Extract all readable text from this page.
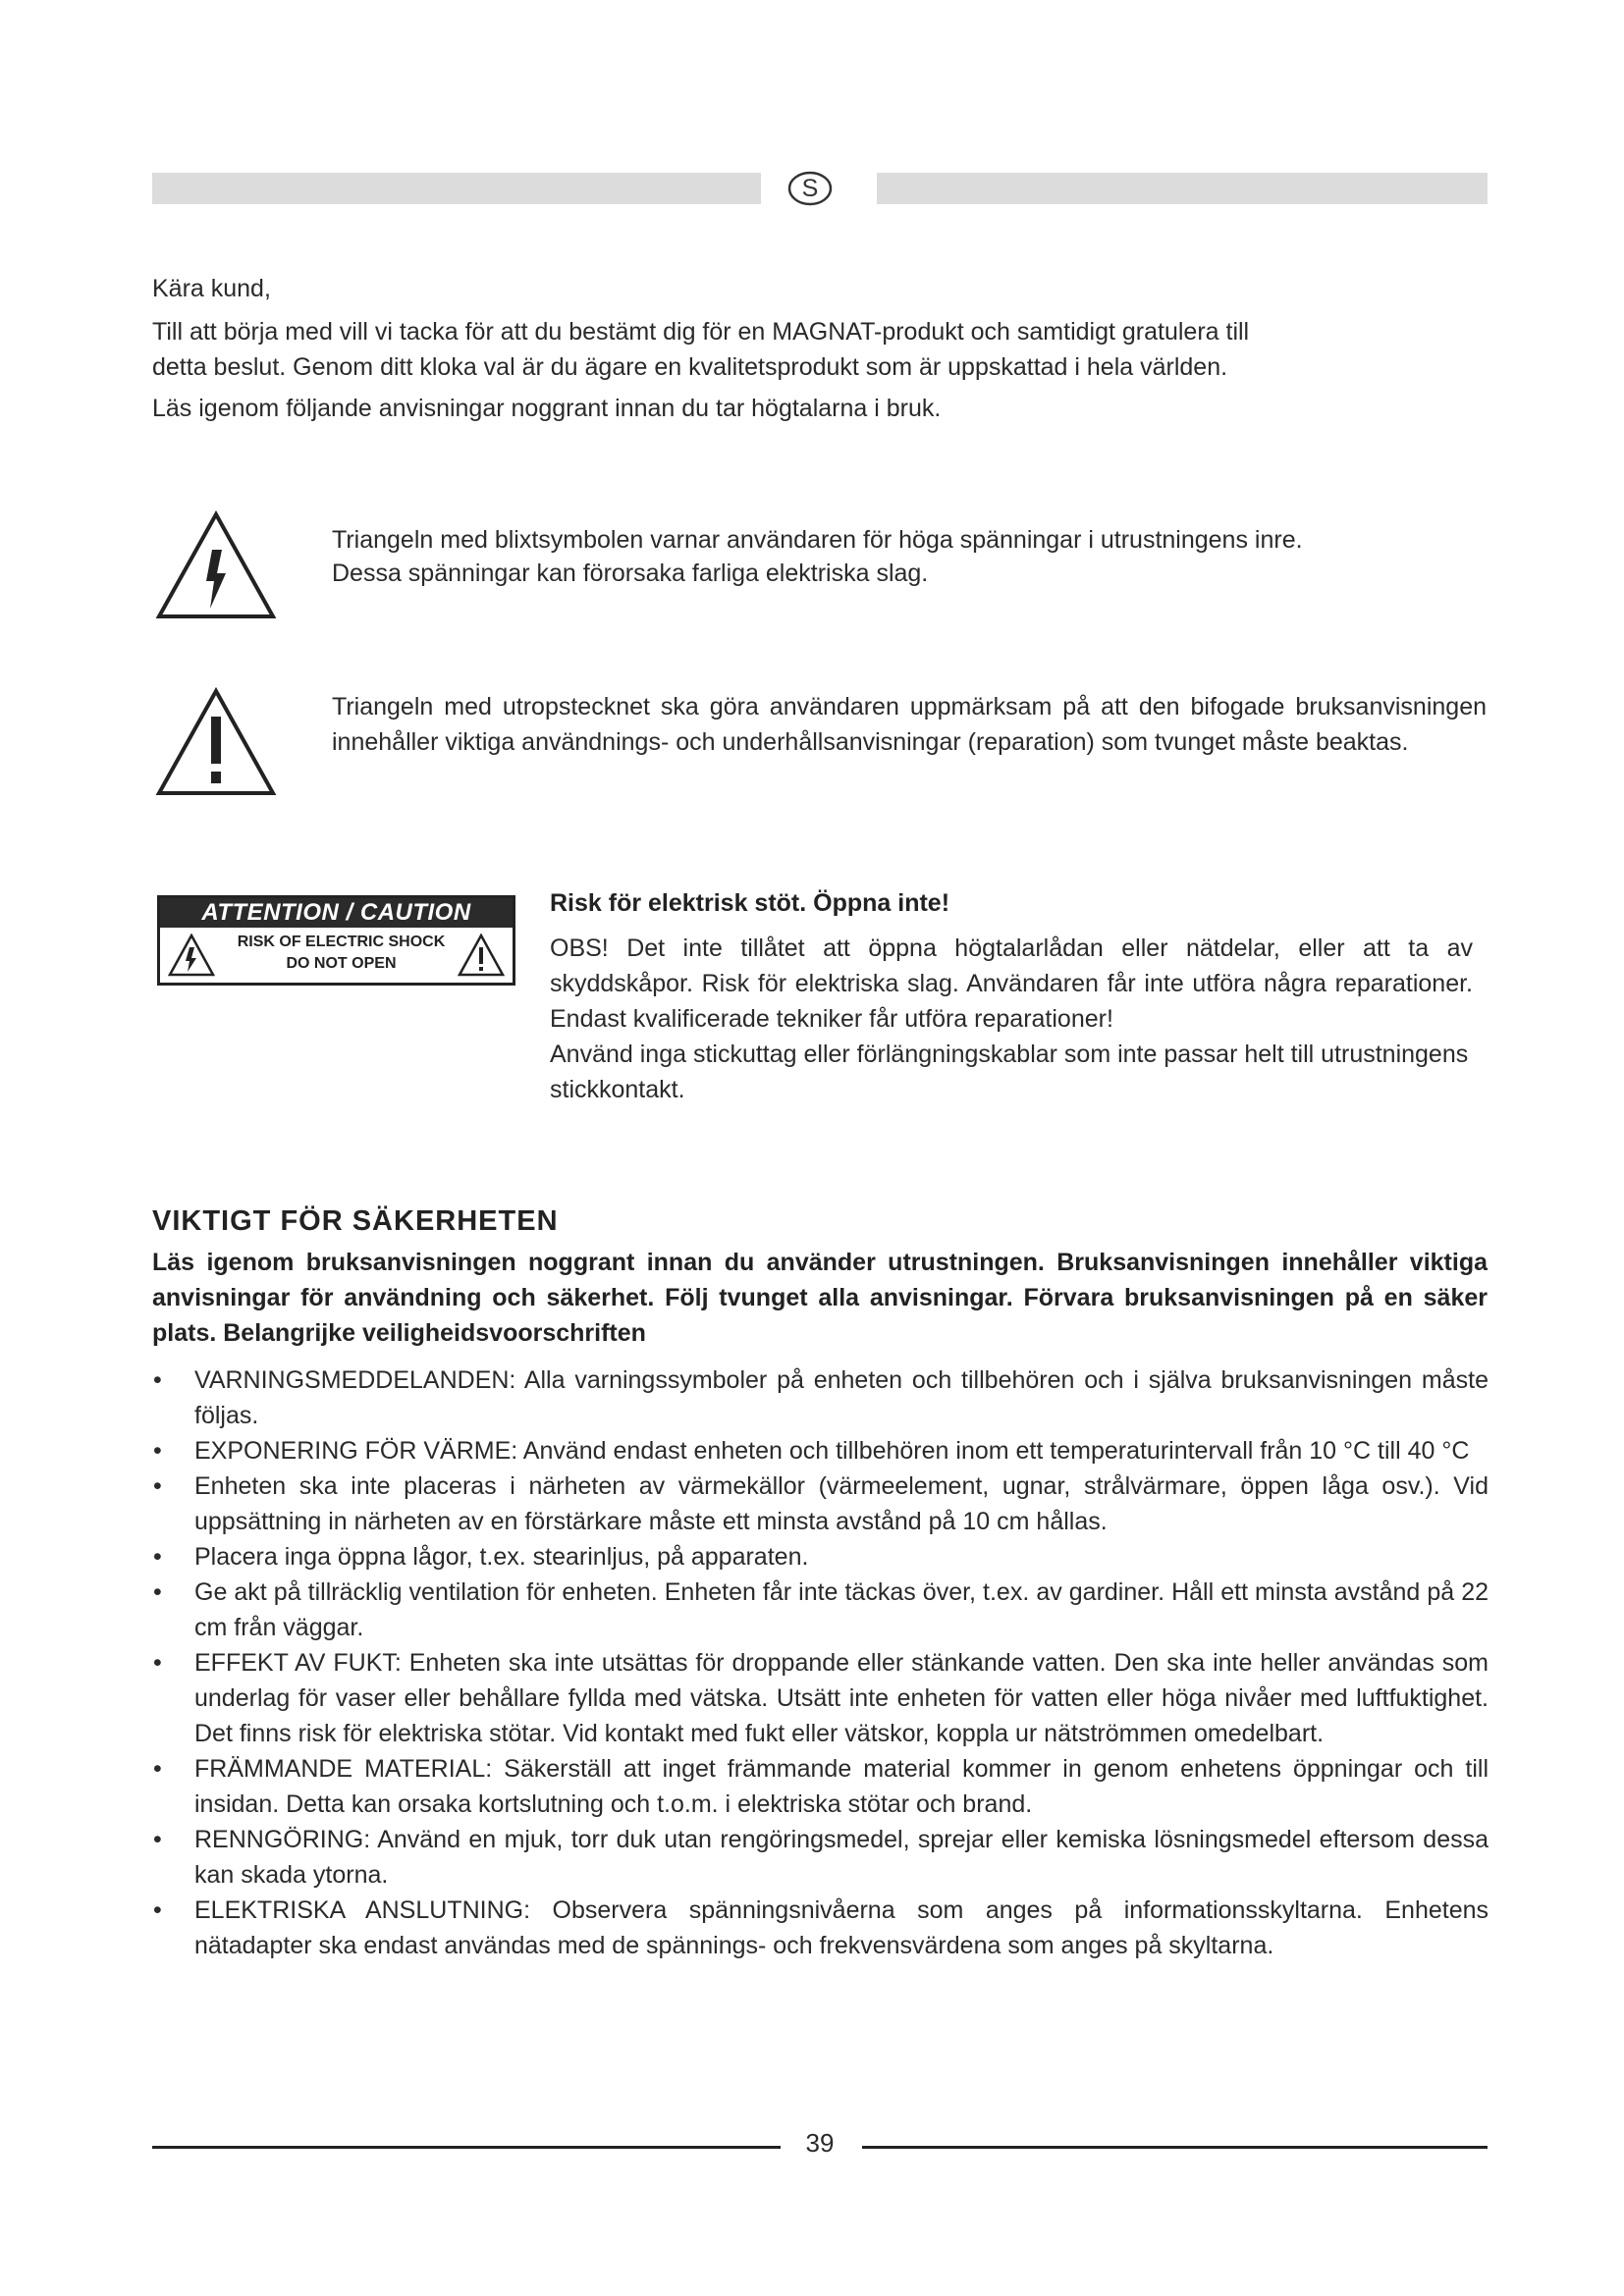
S

Kära kund,

Till att börja med vill vi tacka för att du bestämt dig för en MAGNAT-produkt och samtidigt gratulera till

detta beslut. Genom ditt kloka val är du ägare en kvalitetsprodukt som är uppskattad i hela världen.

Läs igenom följande anvisningar noggrant innan du tar högtalarna i bruk.

Triangeln med blixtsymbolen varnar användaren för höga spänningar i utrustningens inre.

Dessa spänningar kan förorsaka farliga elektriska slag.

Triangeln med utropstecknet ska göra användaren uppmärksam på att den bifogade bruksanvisningen innehåller viktiga användnings- och underhållsanvisningar (reparation) som tvunget måste beaktas.

ATTENTION / CAUTION
RISK OF ELECTRIC SHOCK
DO NOT OPEN

Risk för elektrisk stöt. Öppna inte!

OBS! Det inte tillåtet att öppna högtalarlådan eller nätdelar, eller att ta av skyddskåpor. Risk för elektriska slag. Användaren får inte utföra några reparationer. Endast kvalificerade tekniker får utföra reparationer!

Använd inga stickuttag eller förlängningskablar som inte passar helt till utrustningens stickkontakt.

VIKTIGT FÖR SÄKERHETEN

Läs igenom bruksanvisningen noggrant innan du använder utrustningen. Bruksanvisningen innehåller viktiga anvisningar för användning och säkerhet. Följ tvunget alla anvisningar. Förvara bruksanvisningen på en säker plats. Belangrijke veiligheidsvoorschriften

• VARNINGSMEDDELANDEN: Alla varningssymboler på enheten och tillbehören och i själva bruksanvisningen måste följas.
• EXPONERING FÖR VÄRME: Använd endast enheten och tillbehören inom ett temperaturintervall från 10 °C till 40 °C
• Enheten ska inte placeras i närheten av värmekällor (värmeelement, ugnar, strålvärmare, öppen låga osv.). Vid uppsättning in närheten av en förstärkare måste ett minsta avstånd på 10 cm hållas.
• Placera inga öppna lågor, t.ex. stearinljus, på apparaten.
• Ge akt på tillräcklig ventilation för enheten. Enheten får inte täckas över, t.ex. av gardiner. Håll ett minsta avstånd på 22 cm från väggar.
• EFFEKT AV FUKT: Enheten ska inte utsättas för droppande eller stänkande vatten. Den ska inte heller användas som underlag för vaser eller behållare fyllda med vätska. Utsätt inte enheten för vatten eller höga nivåer med luftfuktighet. Det finns risk för elektriska stötar. Vid kontakt med fukt eller vätskor, koppla ur nätströmmen omedelbart.
• FRÄMMANDE MATERIAL: Säkerställ att inget främmande material kommer in genom enhetens öppningar och till insidan. Detta kan orsaka kortslutning och t.o.m. i elektriska stötar och brand.
• RENNGÖRING: Använd en mjuk, torr duk utan rengöringsmedel, sprejar eller kemiska lösningsmedel eftersom dessa kan skada ytorna.
• ELEKTRISKA ANSLUTNING: Observera spänningsnivåerna som anges på informationsskyltarna. Enhetens nätadapter ska endast användas med de spännings- och frekvensvärdena som anges på skyltarna.
39
